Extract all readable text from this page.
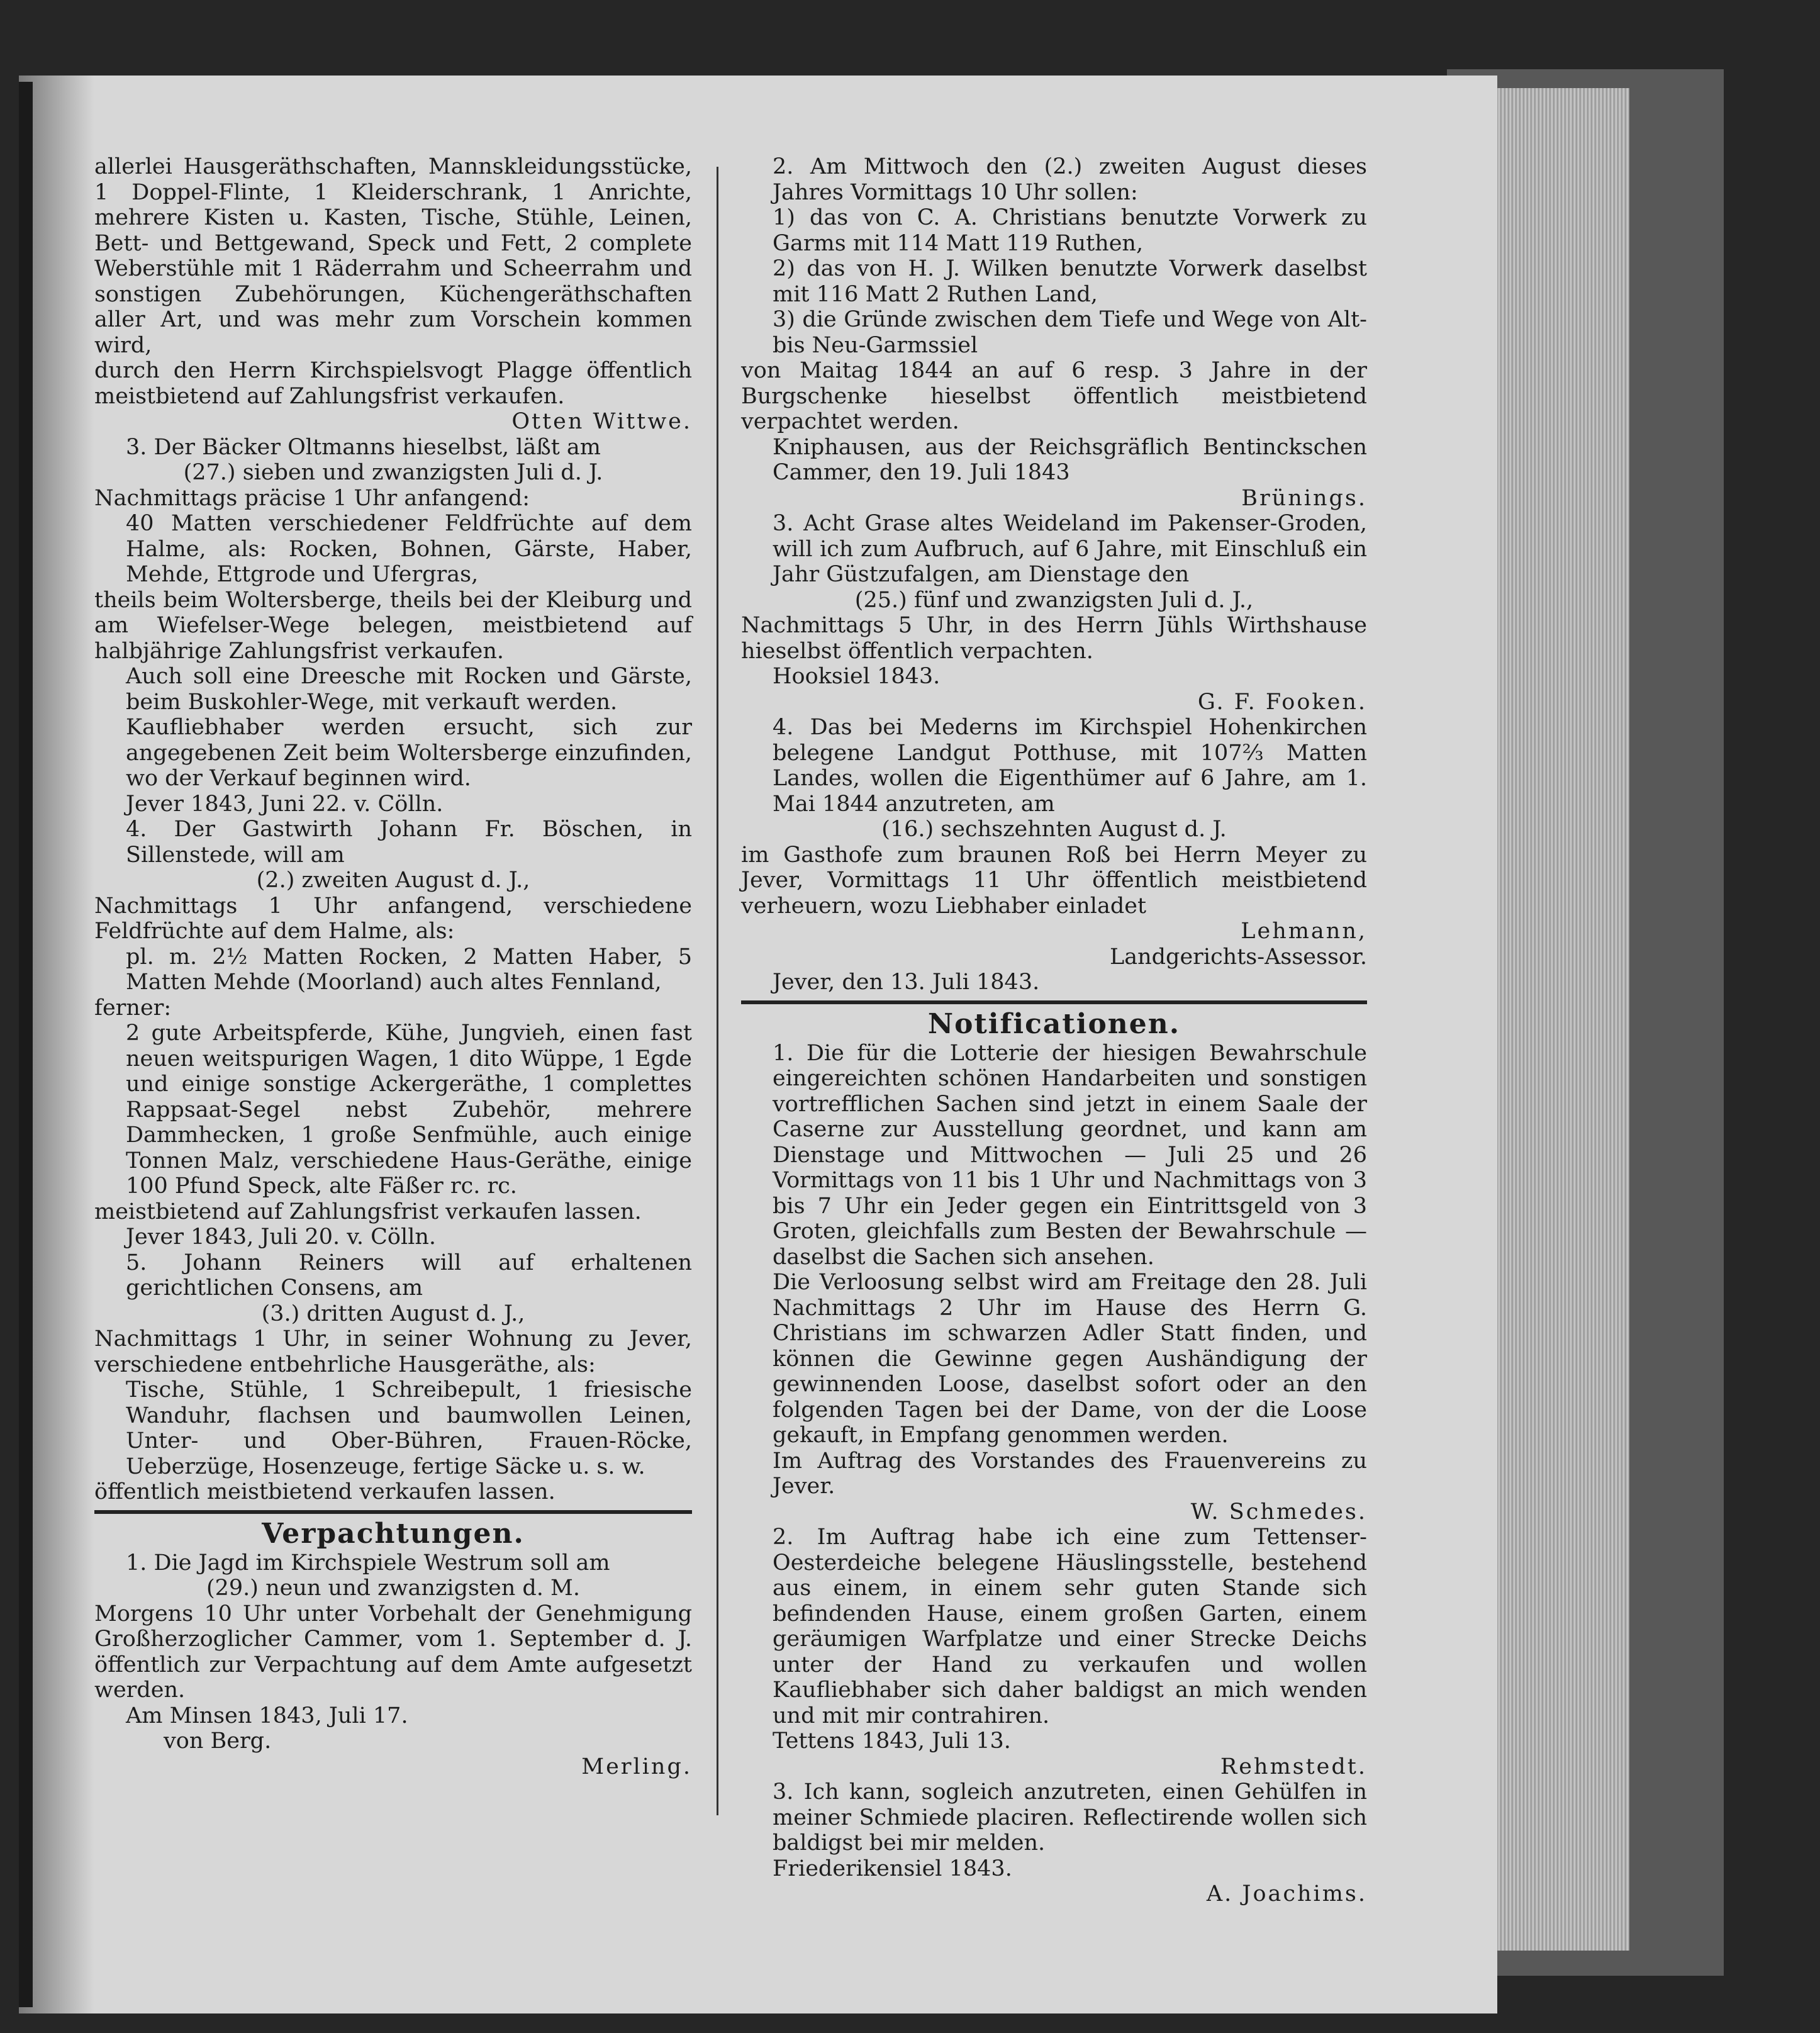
allerlei Hausgeräthschaften, Mannskleidungsstücke, 1 Doppel-Flinte, 1 Kleiderschrank, 1 Anrichte, mehrere Kisten u. Kasten, Tische, Stühle, Leinen, Bett- und Bettgewand, Speck und Fett, 2 complete Weberstühle mit 1 Räderrahm und Scheerrahm und sonstigen Zubehörungen, Küchengeräthschaften aller Art, und was mehr zum Vorschein kommen wird,
durch den Herrn Kirchspielsvogt Plagge öffentlich meistbietend auf Zahlungsfrist verkaufen.
Otten Wittwe.
3. Der Bäcker Oltmanns hieselbst, läßt am
(27.) sieben und zwanzigsten Juli d. J.
Nachmittags präcise 1 Uhr anfangend:
40 Matten verschiedener Feldfrüchte auf dem Halme, als: Rocken, Bohnen, Gärste, Haber, Mehde, Ettgrode und Ufergras,
theils beim Woltersberge, theils bei der Kleiburg und am Wiefelser-Wege belegen, meistbietend auf halbjährige Zahlungsfrist verkaufen.
Auch soll eine Dreesche mit Rocken und Gärste, beim Buskohler-Wege, mit verkauft werden.
Kaufliebhaber werden ersucht, sich zur angegebenen Zeit beim Woltersberge einzufinden, wo der Verkauf beginnen wird.
Jever 1843, Juni 22. v. Cölln.
4. Der Gastwirth Johann Fr. Böschen, in Sillenstede, will am
(2.) zweiten August d. J.,
Nachmittags 1 Uhr anfangend, verschiedene Feldfrüchte auf dem Halme, als:
pl. m. 2½ Matten Rocken, 2 Matten Haber, 5 Matten Mehde (Moorland) auch altes Fennland,
ferner:
2 gute Arbeitspferde, Kühe, Jungvieh, einen fast neuen weitspurigen Wagen, 1 dito Wüppe, 1 Egde und einige sonstige Ackergeräthe, 1 complettes Rappsaat-Segel nebst Zubehör, mehrere Dammhecken, 1 große Senfmühle, auch einige Tonnen Malz, verschiedene Haus-Geräthe, einige 100 Pfund Speck, alte Fäßer rc. rc.
meistbietend auf Zahlungsfrist verkaufen lassen.
Jever 1843, Juli 20. v. Cölln.
5. Johann Reiners will auf erhaltenen gerichtlichen Consens, am
(3.) dritten August d. J.,
Nachmittags 1 Uhr, in seiner Wohnung zu Jever, verschiedene entbehrliche Hausgeräthe, als:
Tische, Stühle, 1 Schreibepult, 1 friesische Wanduhr, flachsen und baumwollen Leinen, Unter- und Ober-Bühren, Frauen-Röcke, Ueberzüge, Hosenzeuge, fertige Säcke u. s. w.
öffentlich meistbietend verkaufen lassen.
Verpachtungen.
1. Die Jagd im Kirchspiele Westrum soll am
(29.) neun und zwanzigsten d. M.
Morgens 10 Uhr unter Vorbehalt der Genehmigung Großherzoglicher Cammer, vom 1. September d. J. öffentlich zur Verpachtung auf dem Amte aufgesetzt werden.
Am Minsen 1843, Juli 17.
von Berg.
Merling.
2. Am Mittwoch den (2.) zweiten August dieses Jahres Vormittags 10 Uhr sollen:
1) das von C. A. Christians benutzte Vorwerk zu Garms mit 114 Matt 119 Ruthen,
2) das von H. J. Wilken benutzte Vorwerk daselbst mit 116 Matt 2 Ruthen Land,
3) die Gründe zwischen dem Tiefe und Wege von Alt- bis Neu-Garmssiel
von Maitag 1844 an auf 6 resp. 3 Jahre in der Burgschenke hieselbst öffentlich meistbietend verpachtet werden.
Kniphausen, aus der Reichsgräflich Bentinckschen Cammer, den 19. Juli 1843
Brünings.
3. Acht Grase altes Weideland im Pakenser-Groden, will ich zum Aufbruch, auf 6 Jahre, mit Einschluß ein Jahr Güstzufalgen, am Dienstage den
(25.) fünf und zwanzigsten Juli d. J.,
Nachmittags 5 Uhr, in des Herrn Jühls Wirthshause hieselbst öffentlich verpachten.
Hooksiel 1843.
G. F. Fooken.
4. Das bei Mederns im Kirchspiel Hohenkirchen belegene Landgut Potthuse, mit 107⅔ Matten Landes, wollen die Eigenthümer auf 6 Jahre, am 1. Mai 1844 anzutreten, am
(16.) sechszehnten August d. J.
im Gasthofe zum braunen Roß bei Herrn Meyer zu Jever, Vormittags 11 Uhr öffentlich meistbietend verheuern, wozu Liebhaber einladet
Lehmann,
Landgerichts-Assessor.
Jever, den 13. Juli 1843.
Notificationen.
1. Die für die Lotterie der hiesigen Bewahrschule eingereichten schönen Handarbeiten und sonstigen vortrefflichen Sachen sind jetzt in einem Saale der Caserne zur Ausstellung geordnet, und kann am Dienstage und Mittwochen — Juli 25 und 26 Vormittags von 11 bis 1 Uhr und Nachmittags von 3 bis 7 Uhr ein Jeder gegen ein Eintrittsgeld von 3 Groten, gleichfalls zum Besten der Bewahrschule — daselbst die Sachen sich ansehen.
Die Verloosung selbst wird am Freitage den 28. Juli Nachmittags 2 Uhr im Hause des Herrn G. Christians im schwarzen Adler Statt finden, und können die Gewinne gegen Aushändigung der gewinnenden Loose, daselbst sofort oder an den folgenden Tagen bei der Dame, von der die Loose gekauft, in Empfang genommen werden.
Im Auftrag des Vorstandes des Frauenvereins zu Jever.
W. Schmedes.
2. Im Auftrag habe ich eine zum Tettenser-Oesterdeiche belegene Häuslingsstelle, bestehend aus einem, in einem sehr guten Stande sich befindenden Hause, einem großen Garten, einem geräumigen Warfplatze und einer Strecke Deichs unter der Hand zu verkaufen und wollen Kaufliebhaber sich daher baldigst an mich wenden und mit mir contrahiren.
Tettens 1843, Juli 13.
Rehmstedt.
3. Ich kann, sogleich anzutreten, einen Gehülfen in meiner Schmiede placiren. Reflectirende wollen sich baldigst bei mir melden.
Friederikensiel 1843.
A. Joachims.
